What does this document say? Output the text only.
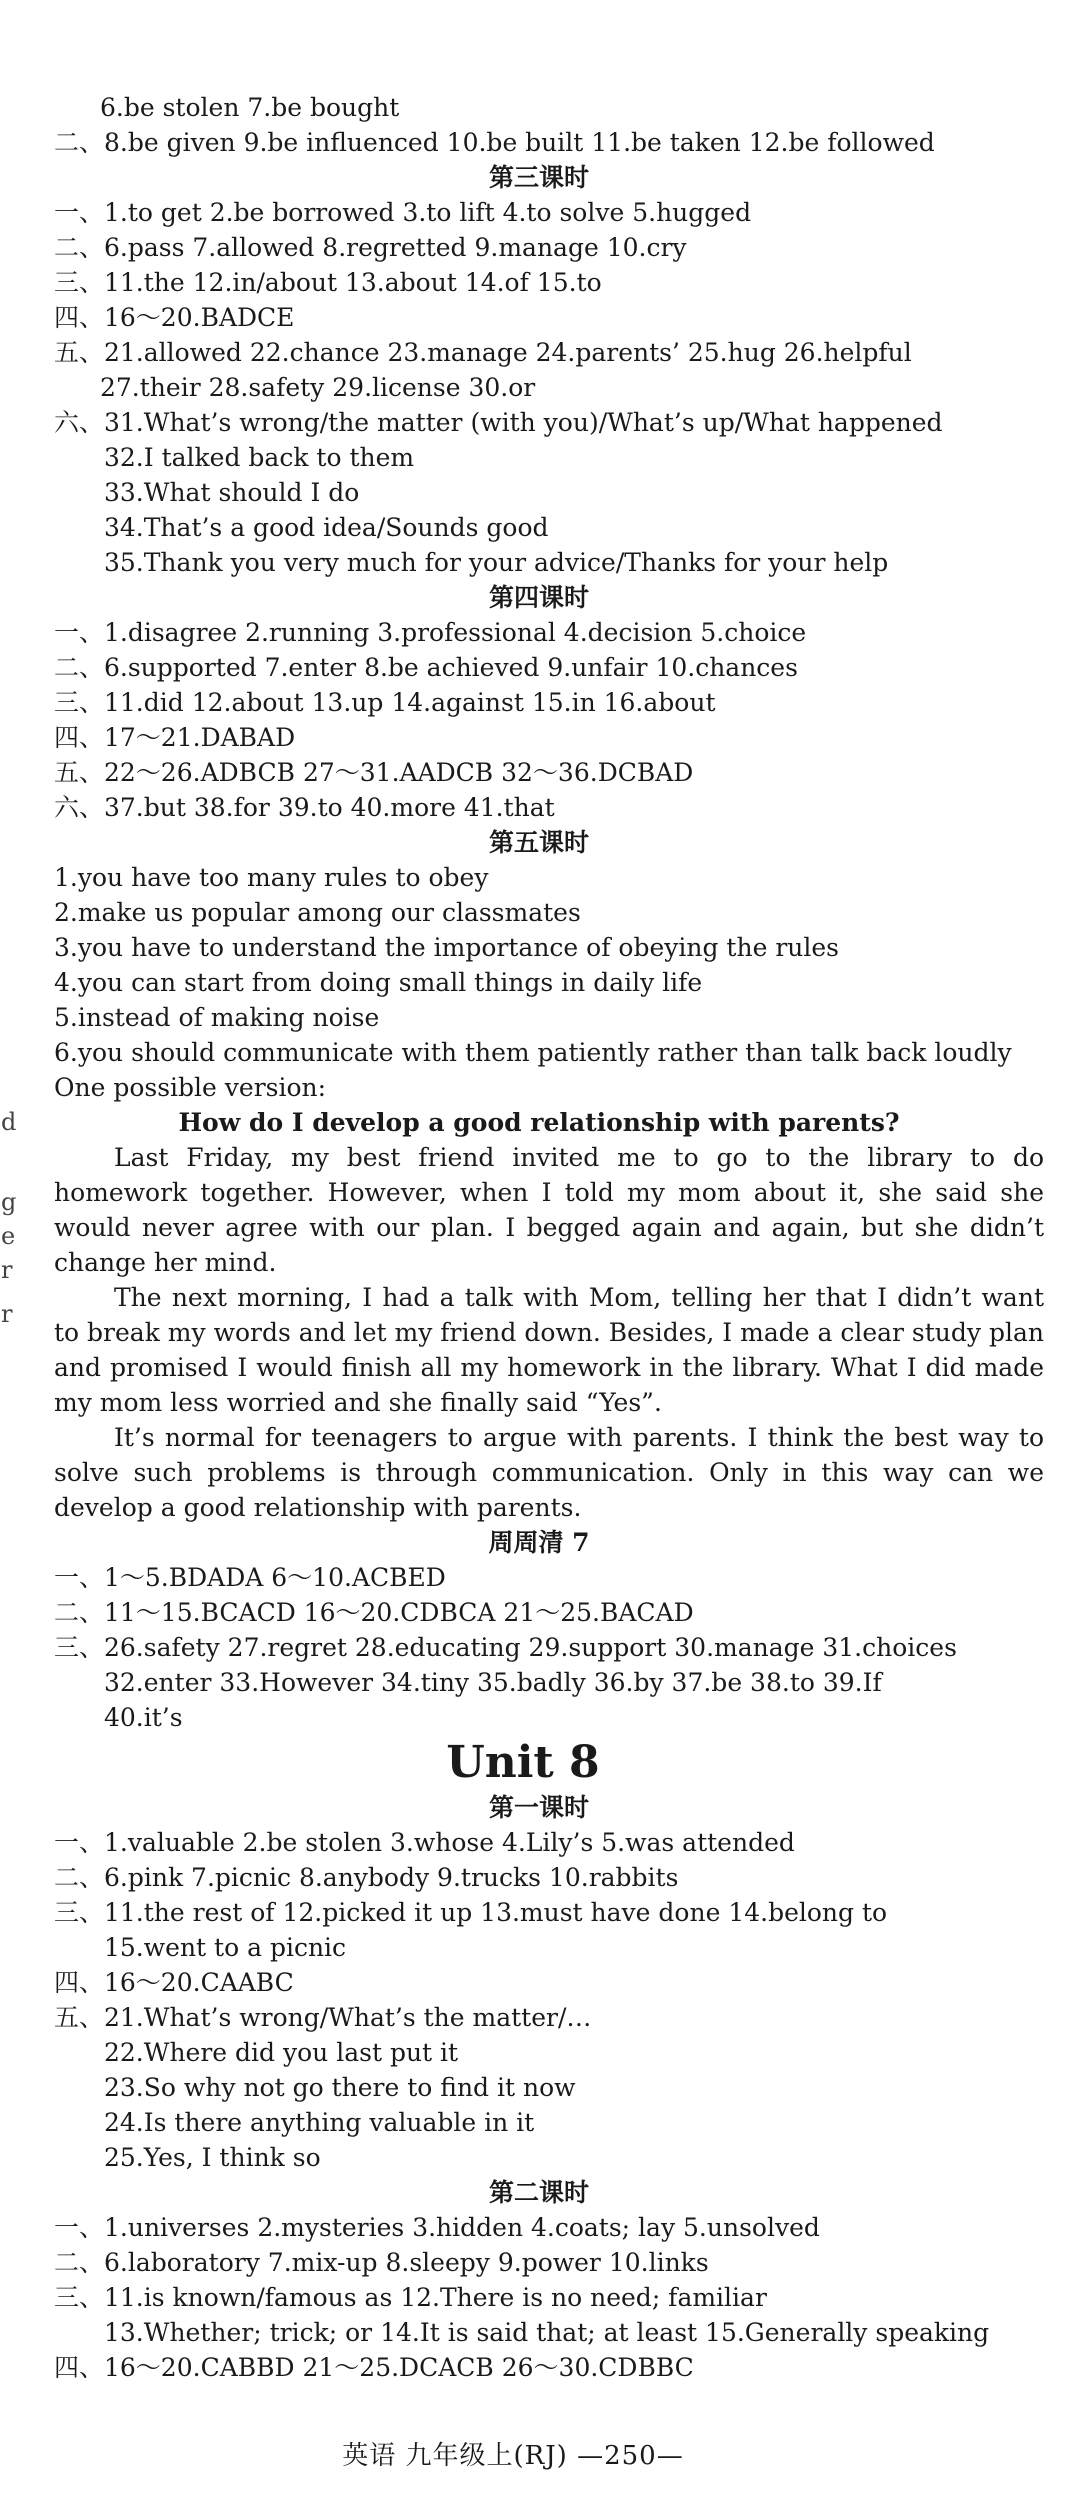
6.be stolen 7.be bought
二、8.be given 9.be influenced 10.be built 11.be taken 12.be followed
第三课时
一、1.to get 2.be borrowed 3.to lift 4.to solve 5.hugged
二、6.pass 7.allowed 8.regretted 9.manage 10.cry
三、11.the 12.in/about 13.about 14.of 15.to
四、16～20.BADCE
五、21.allowed 22.chance 23.manage 24.parents’ 25.hug 26.helpful
27.their 28.safety 29.license 30.or
六、31.What’s wrong/the matter (with you)/What’s up/What happened
32.I talked back to them
33.What should I do
34.That’s a good idea/Sounds good
35.Thank you very much for your advice/Thanks for your help
第四课时
一、1.disagree 2.running 3.professional 4.decision 5.choice
二、6.supported 7.enter 8.be achieved 9.unfair 10.chances
三、11.did 12.about 13.up 14.against 15.in 16.about
四、17～21.DABAD
五、22～26.ADBCB 27～31.AADCB 32～36.DCBAD
六、37.but 38.for 39.to 40.more 41.that
第五课时
1.you have too many rules to obey
2.make us popular among our classmates
3.you have to understand the importance of obeying the rules
4.you can start from doing small things in daily life
5.instead of making noise
6.you should communicate with them patiently rather than talk back loudly
One possible version:
How do I develop a good relationship with parents?
Last Friday, my best friend invited me to go to the library to do homework together. However, when I told my mom about it, she said she would never agree with our plan. I begged again and again, but she didn’t change her mind.
The next morning, I had a talk with Mom, telling her that I didn’t want to break my words and let my friend down. Besides, I made a clear study plan and promised I would finish all my homework in the library. What I did made my mom less worried and she finally said “Yes”.
It’s normal for teenagers to argue with parents. I think the best way to solve such problems is through communication. Only in this way can we develop a good relationship with parents.
周周清 7
一、1～5.BDADA 6～10.ACBED
二、11～15.BCACD 16～20.CDBCA 21～25.BACAD
三、26.safety 27.regret 28.educating 29.support 30.manage 31.choices
32.enter 33.However 34.tiny 35.badly 36.by 37.be 38.to 39.If
40.it’s
Unit 8
第一课时
一、1.valuable 2.be stolen 3.whose 4.Lily’s 5.was attended
二、6.pink 7.picnic 8.anybody 9.trucks 10.rabbits
三、11.the rest of 12.picked it up 13.must have done 14.belong to
15.went to a picnic
四、16～20.CAABC
五、21.What’s wrong/What’s the matter/…
22.Where did you last put it
23.So why not go there to find it now
24.Is there anything valuable in it
25.Yes, I think so
第二课时
一、1.universes 2.mysteries 3.hidden 4.coats; lay 5.unsolved
二、6.laboratory 7.mix-up 8.sleepy 9.power 10.links
三、11.is known/famous as 12.There is no need; familiar
13.Whether; trick; or 14.It is said that; at least 15.Generally speaking
四、16～20.CABBD 21～25.DCACB 26～30.CDBBC
d
g
e
r
r
英语 九年级上(RJ) —250—
